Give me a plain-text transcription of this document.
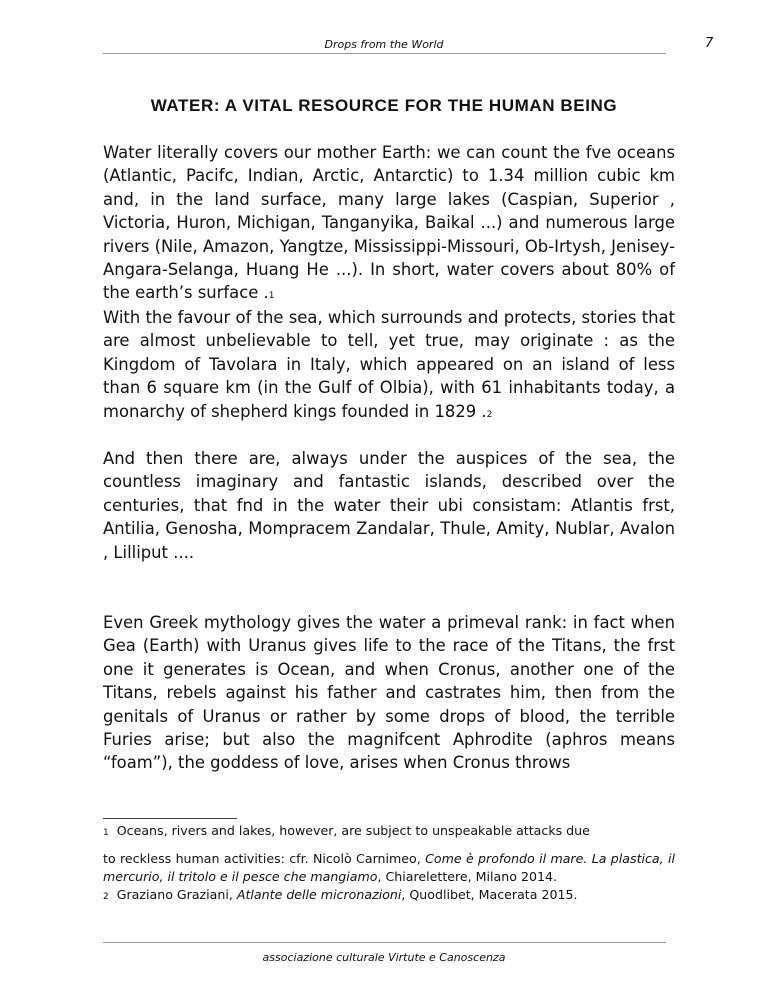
Drops from the World	7
WATER: A VITAL RESOURCE FOR THE HUMAN BEING

Water literally covers our mother Earth: we can count the fve oceans (Atlantic, Pacifc, Indian, Arctic, Antarctic) to 1.34 million cubic km and, in the land surface, many large lakes (Caspian, Superior , Victoria, Huron, Michigan, Tanganyika, Baikal ...) and numerous large rivers (Nile, Amazon, Yangtze, Mississippi-Missouri, Ob-Irtysh, Jenisey-Angara-Selanga, Huang He ...). In short, water covers about 80% of the earth’s surface .1

With the favour of the sea, which surrounds and protects, stories that are almost unbelievable to tell, yet true, may originate : as the Kingdom of Tavolara in Italy, which appeared on an island of less than 6 square km (in the Gulf of Olbia), with 61 inhabitants today, a monarchy of shepherd kings founded in 1829 .2

And then there are, always under the auspices of the sea, the countless imaginary and fantastic islands, described over the centuries, that fnd in the water their ubi consistam: Atlantis frst, Antilia, Genosha, Mompracem Zandalar, Thule, Amity, Nublar, Avalon , Lilliput ....

Even Greek mythology gives the water a primeval rank: in fact when Gea (Earth) with Uranus gives life to the race of the Titans, the frst one it generates is Ocean, and when Cronus, another one of the Titans, rebels against his father and castrates him, then from the genitals of Uranus or rather by some drops of blood, the terrible Furies arise; but also the magnifcent Aphrodite (aphros means “foam”), the goddess of love, arises when Cronus throws

1 Oceans, rivers and lakes, however, are subject to unspeakable attacks due

to reckless human activities: cfr. Nicolò Carnimeo, Come è profondo il mare. La plastica, il mercurio, il tritolo e il pesce che mangiamo, Chiarelettere, Milano 2014.

2 Graziano Graziani, Atlante delle micronazioni, Quodlibet, Macerata 2015.

associazione culturale Virtute e Canoscenza
